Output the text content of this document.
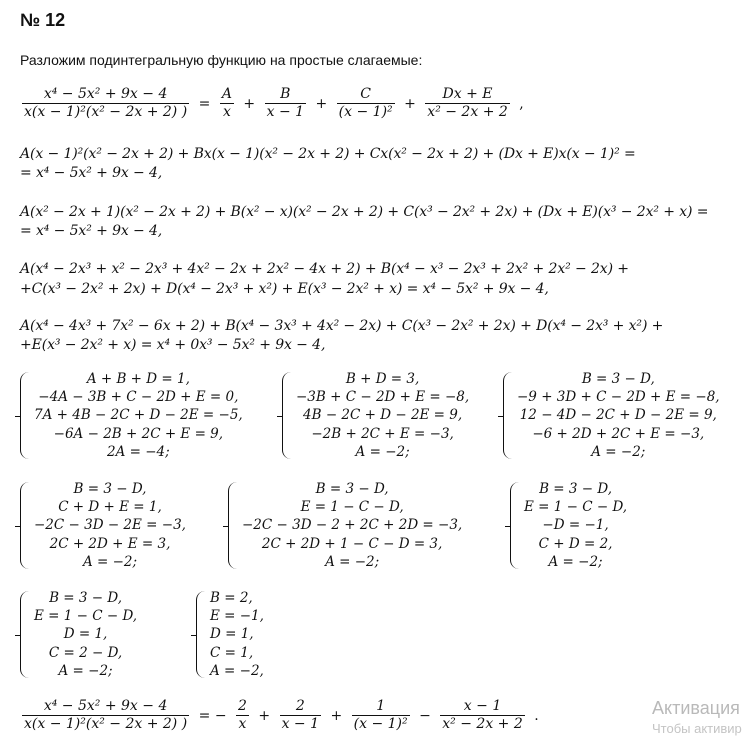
№ 12
Разложим подинтегральную функцию на простые слагаемые:
$\frac{\text{x⁴ − 5x² + 9x − 4}}{\text{x(x − 1)²(x² − 2x + 2) )}} = \frac{A}{x} + \frac{B}{x - 1} + \frac{C}{\text{(x − 1)²}} + \frac{Dx + E}{\text{x² − 2x + 2}}$ ,
A(x − 1)²(x² − 2x + 2) + Bx(x − 1)(x² − 2x + 2) + Cx(x² − 2x + 2) + (Dx + E)x(x − 1)² =
= x⁴ − 5x² + 9x − 4,
A(x² − 2x + 1)(x² − 2x + 2) + B(x² − x)(x² − 2x + 2) + C(x³ − 2x² + 2x) + (Dx + E)(x³ − 2x² + x) =
= x⁴ − 5x² + 9x − 4,
A(x⁴ − 2x³ + x² − 2x³ + 4x² − 2x + 2x² − 4x + 2) + B(x⁴ − x³ − 2x³ + 2x² + 2x² − 2x) +
+C(x³ − 2x² + 2x) + D(x⁴ − 2x³ + x²) + E(x³ − 2x² + x) = x⁴ − 5x² + 9x − 4,
A(x⁴ − 4x³ + 7x² − 6x + 2) + B(x⁴ − 3x³ + 4x² − 2x) + C(x³ − 2x² + 2x) + D(x⁴ − 2x³ + x²) +
+E(x³ − 2x² + x) = x⁴ + 0x³ − 5x² + 9x − 4,
A + B + D = 1,
−4A − 3B + C − 2D + E = 0,
7A + 4B − 2C + D − 2E = −5,
−6A − 2B + 2C + E = 9,
2A = −4;
B + D = 3,
−3B + C − 2D + E = −8,
4B − 2C + D − 2E = 9,
−2B + 2C + E = −3,
A = −2;
B = 3 − D,
−9 + 3D + C − 2D + E = −8,
12 − 4D − 2C + D − 2E = 9,
−6 + 2D + 2C + E = −3,
A = −2;
B = 3 − D,
C + D + E = 1,
−2C − 3D − 2E = −3,
2C + 2D + E = 3,
A = −2;
B = 3 − D,
E = 1 − C − D,
−2C − 3D − 2 + 2C + 2D = −3,
2C + 2D + 1 − C − D = 3,
A = −2;
B = 3 − D,
E = 1 − C − D,
−D = −1,
C + D = 2,
A = −2;
B = 3 − D,
E = 1 − C − D,
D = 1,
C = 2 − D,
A = −2;
B = 2,
E = −1,
D = 1,
C = 1,
A = −2,
$\frac{\text{x⁴ − 5x² + 9x − 4}}{\text{x(x − 1)²(x² − 2x + 2) )}}$ = − $\frac{2}{x} + \frac{2}{x - 1} + \frac{1}{\text{(x − 1)²}} - \frac{x - 1}{\text{x² − 2x + 2}}$ .	Активация
Чтобы активир
